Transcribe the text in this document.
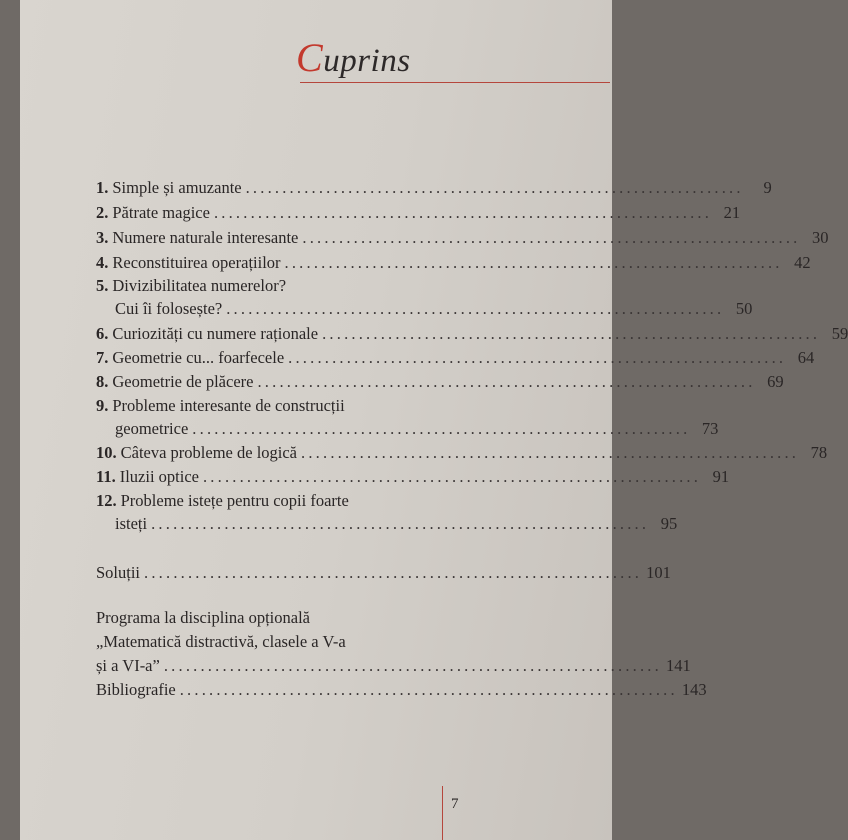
Cuprins
1. Simple și amuzante ....................................................................	9
2. Pătrate magice .................................................................... 21
3. Numere naturale interesante .................................................................... 30
4. Reconstituirea operațiilor .................................................................... 42
5. Divizibilitatea numerelor?
Cui îi folosește? .................................................................... 50
6. Curiozități cu numere raționale .................................................................... 59
7. Geometrie cu... foarfecele .................................................................... 64
8. Geometrie de plăcere .................................................................... 69
9. Probleme interesante de construcții
geometrice .................................................................... 73
10. Câteva probleme de logică .................................................................... 78
11. Iluzii optice .................................................................... 91
12. Probleme istețe pentru copii foarte
isteți .................................................................... 95
Soluții .................................................................... 101
Programa la disciplina opțională
„Matematică distractivă, clasele a V-a
și a VI-a” .................................................................... 141
Bibliografie .................................................................... 143
7
